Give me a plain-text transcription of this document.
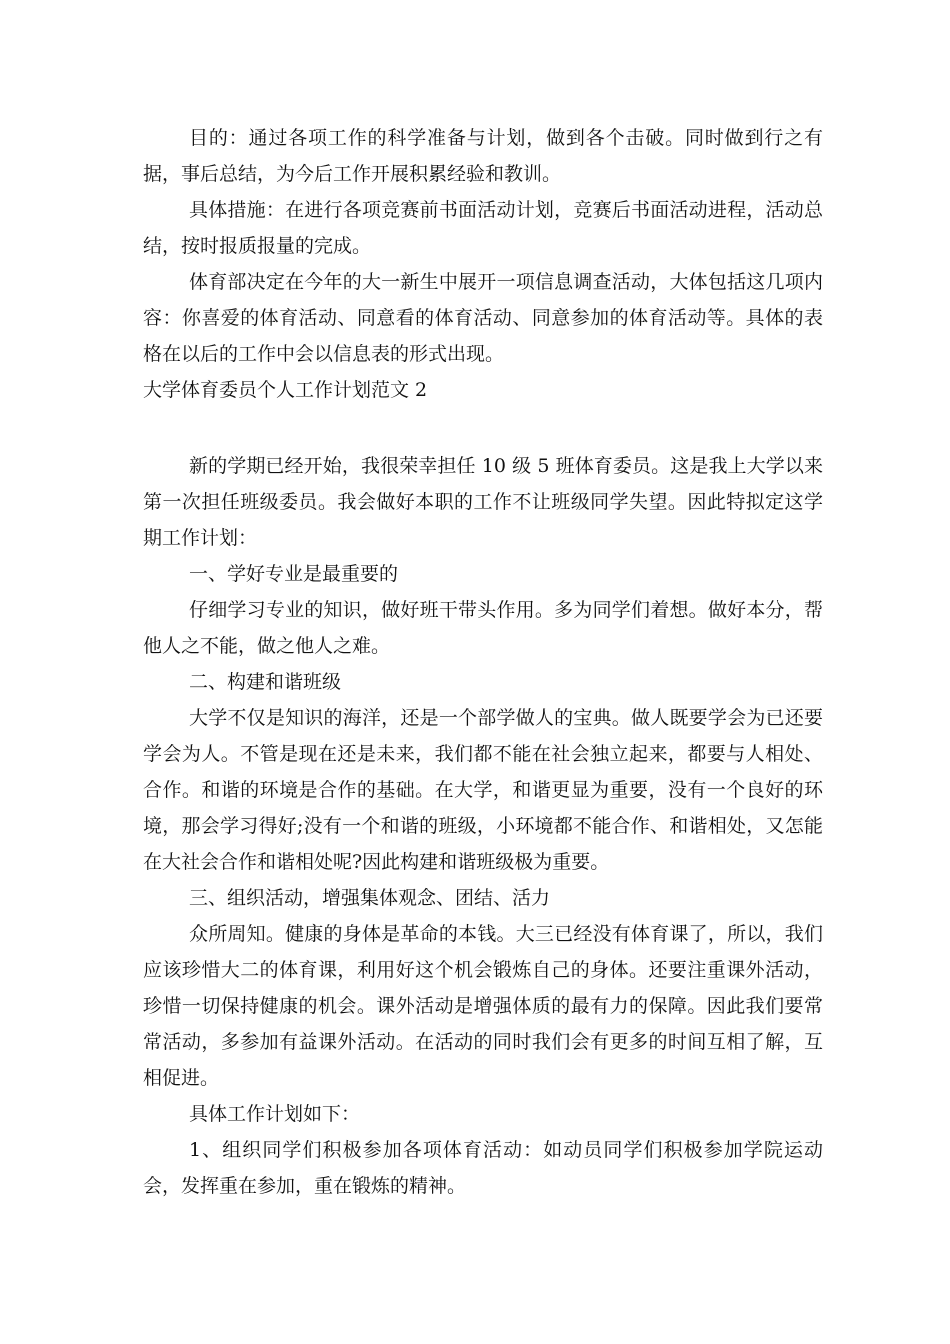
目的：通过各项工作的科学准备与计划，做到各个击破。同时做到行之有据，事后总结，为今后工作开展积累经验和教训。

具体措施：在进行各项竞赛前书面活动计划，竞赛后书面活动进程，活动总结，按时报质报量的完成。

体育部决定在今年的大一新生中展开一项信息调查活动，大体包括这几项内容：你喜爱的体育活动、同意看的体育活动、同意参加的体育活动等。具体的表格在以后的工作中会以信息表的形式出现。

大学体育委员个人工作计划范文 2

新的学期已经开始，我很荣幸担任 10 级 5 班体育委员。这是我上大学以来第一次担任班级委员。我会做好本职的工作不让班级同学失望。因此特拟定这学期工作计划：

一、学好专业是最重要的

仔细学习专业的知识，做好班干带头作用。多为同学们着想。做好本分，帮他人之不能，做之他人之难。

二、构建和谐班级

大学不仅是知识的海洋，还是一个部学做人的宝典。做人既要学会为已还要学会为人。不管是现在还是未来，我们都不能在社会独立起来，都要与人相处、合作。和谐的环境是合作的基础。在大学，和谐更显为重要，没有一个良好的环境，那会学习得好;没有一个和谐的班级，小环境都不能合作、和谐相处，又怎能在大社会合作和谐相处呢?因此构建和谐班级极为重要。

三、组织活动，增强集体观念、团结、活力

众所周知。健康的身体是革命的本钱。大三已经没有体育课了，所以，我们应该珍惜大二的体育课，利用好这个机会锻炼自己的身体。还要注重课外活动，珍惜一切保持健康的机会。课外活动是增强体质的最有力的保障。因此我们要常常活动，多参加有益课外活动。在活动的同时我们会有更多的时间互相了解，互相促进。

具体工作计划如下：

1、组织同学们积极参加各项体育活动：如动员同学们积极参加学院运动会，发挥重在参加，重在锻炼的精神。
